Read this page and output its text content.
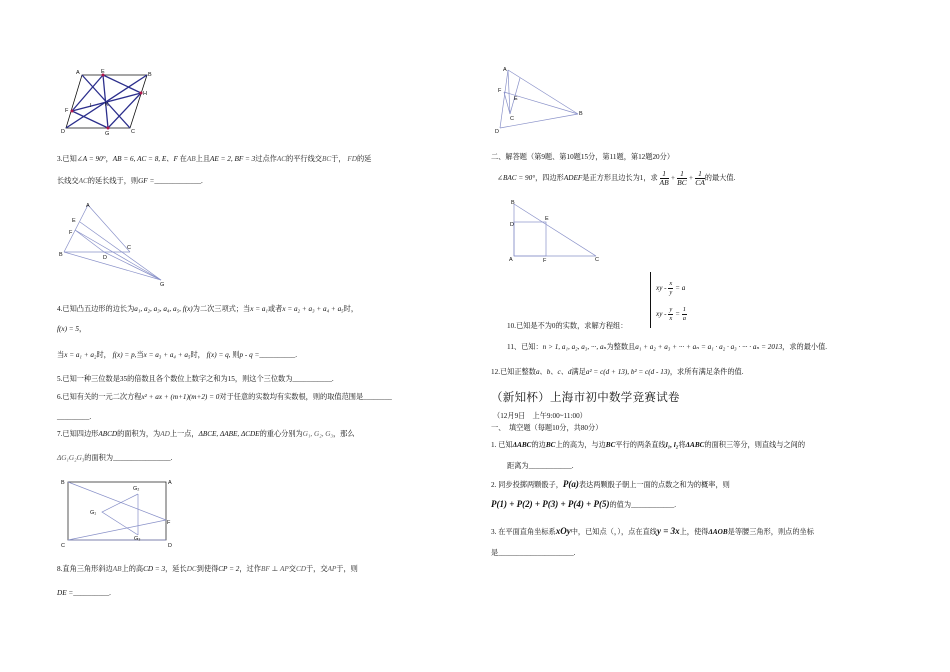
A	E	B
H
F
K
I
D	G	C
3.已知∠A = 90°，AB = 6, AC = 8, E、F 在AB上且AE = 2, BF = 3过点作AC的平行线交BC于， FD的延
长线交AC的延长线于，则GF =_____________.
A
E
F
B	D
C
G
4.已知凸五边形的边长为a₁, a₂, a₃, a₄, a₅, f(x)为二次三项式；当x = a₁或者x = a₂ + a₃ + a₄ + a₅时，
f(x) = 5，
当x = a₁ + a₂时， f(x) = p,当x = a₃ + a₄ + a₅时， f(x) = q, 则p - q =__________.
5.已知一种三位数是35的倍数且各个数位上数字之和为15，则这个三位数为___________.
6.已知有关的一元二次方程x² + ax + (m+1)(m+2) = 0对于任意的实数均有实数根，则的取值范围是________
_________.
7.已知四边形ABCD的面积为，为AD上一点，ΔBCE, ΔABE, ΔCDE的重心分别为G₁, G₂, G₃，那么
ΔG₁G₂G₃的面积为________________.
B	A
G₂
G₁
F
G₃
C	D
8.直角三角形斜边AB上的高CD = 3，延长DC到使得CP = 2，过作BF ⊥ AP交CD于，交AP于，则
DE =__________.
A
F
E
B
C
D
二、解答题（第9题、第10题15分，第11题，第12题20分）
∠BAC = 90°，四边形ADEF是正方形且边长为1，求 $\frac{1}{AB} + \frac{1}{BC} + \frac{1}{CA}$ 的最大值.
B
E
D
A	F	C
xy - $\frac{x}{y} = a$
xy - $\frac{y}{x} = \frac{1}{a}$
10.已知是不为0的实数，求解方程组：
11、已知：n > 1, a₁, a₂, a₃, ···, aₙ为整数且a₁ + a₂ + a₃ + ··· + aₙ = a₁ · a₂ · a₃ · ··· · aₙ = 2013，求的最小值.
12.已知正整数a、b、c、d满足a² = c(d + 13), b² = c(d - 13)，求所有满足条件的值.
（新知杯）上海市初中数学竞赛试卷
（12月9日　上午9:00~11:00）
一、　填空题（每题10分，共80分）
1. 已知ΔABC的边BC上的高为，与边BC平行的两条直线l₁, l₂将ΔABC的面积三等分，则直线与之间的
距离为____________.
2. 同步投掷两颗骰子，P(a)表达两颗骰子朝上一面的点数之和为的概率，则
P(1) + P(2) + P(3) + P(4) + P(5)的值为____________.
3. 在平面直角坐标系xOy中，已知点（，），点在直线y = 3x上，使得ΔAOB是等腰三角形，则点的坐标
是_____________________.
